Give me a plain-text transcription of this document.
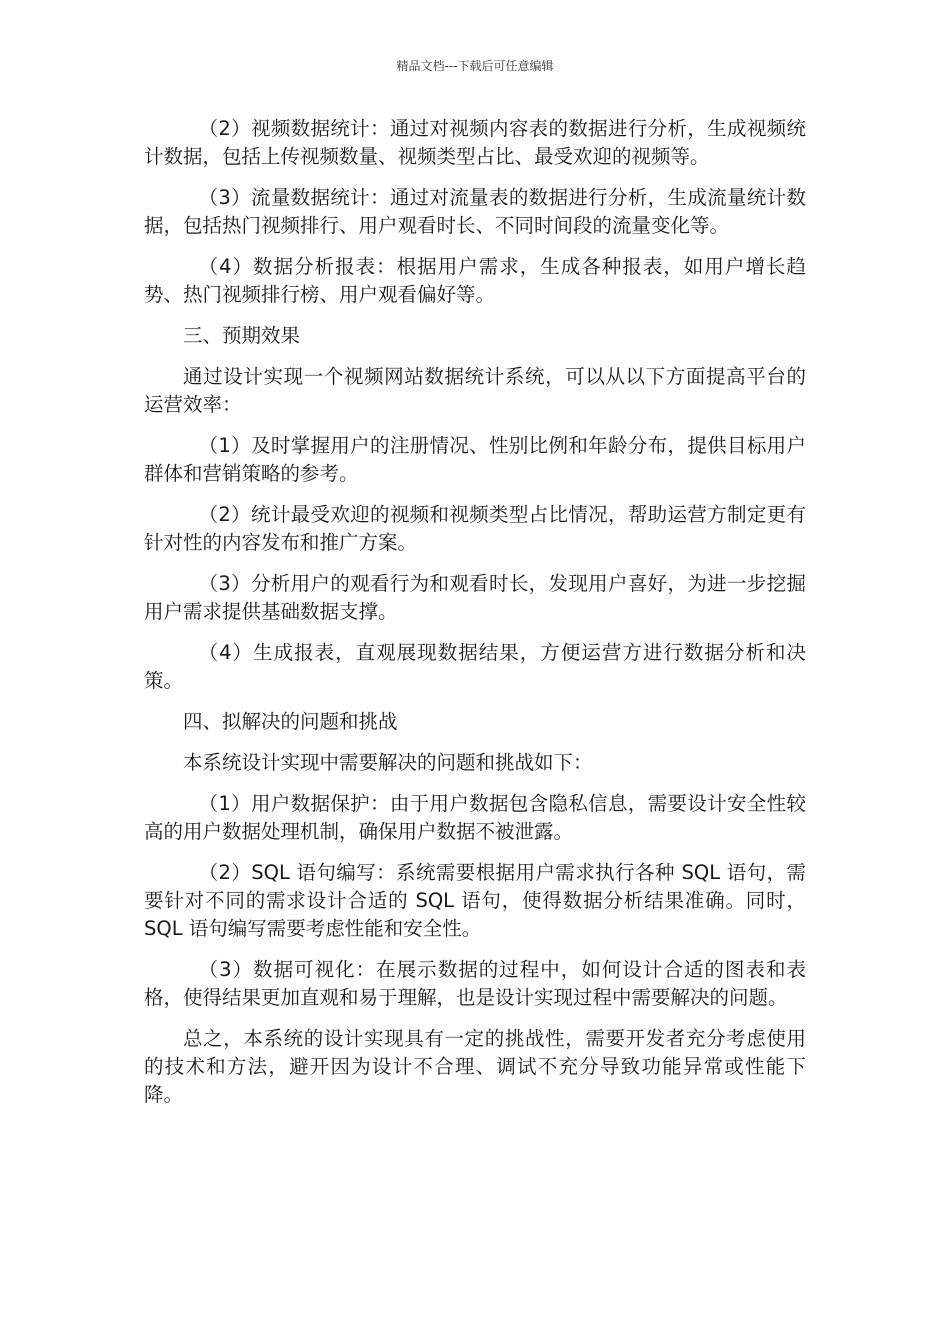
精品文档---下载后可任意编辑

（2）视频数据统计：通过对视频内容表的数据进行分析，生成视频统计数据，包括上传视频数量、视频类型占比、最受欢迎的视频等。

（3）流量数据统计：通过对流量表的数据进行分析，生成流量统计数据，包括热门视频排行、用户观看时长、不同时间段的流量变化等。

（4）数据分析报表：根据用户需求，生成各种报表，如用户增长趋势、热门视频排行榜、用户观看偏好等。

三、预期效果

通过设计实现一个视频网站数据统计系统，可以从以下方面提高平台的运营效率：

（1）及时掌握用户的注册情况、性别比例和年龄分布，提供目标用户群体和营销策略的参考。

（2）统计最受欢迎的视频和视频类型占比情况，帮助运营方制定更有针对性的内容发布和推广方案。

（3）分析用户的观看行为和观看时长，发现用户喜好，为进一步挖掘用户需求提供基础数据支撑。

（4）生成报表，直观展现数据结果，方便运营方进行数据分析和决策。

四、拟解决的问题和挑战

本系统设计实现中需要解决的问题和挑战如下：

（1）用户数据保护：由于用户数据包含隐私信息，需要设计安全性较高的用户数据处理机制，确保用户数据不被泄露。

（2）SQL 语句编写：系统需要根据用户需求执行各种 SQL 语句，需要针对不同的需求设计合适的 SQL 语句，使得数据分析结果准确。同时，SQL 语句编写需要考虑性能和安全性。

（3）数据可视化：在展示数据的过程中，如何设计合适的图表和表格，使得结果更加直观和易于理解，也是设计实现过程中需要解决的问题。

总之，本系统的设计实现具有一定的挑战性，需要开发者充分考虑使用的技术和方法，避开因为设计不合理、调试不充分导致功能异常或性能下降。
